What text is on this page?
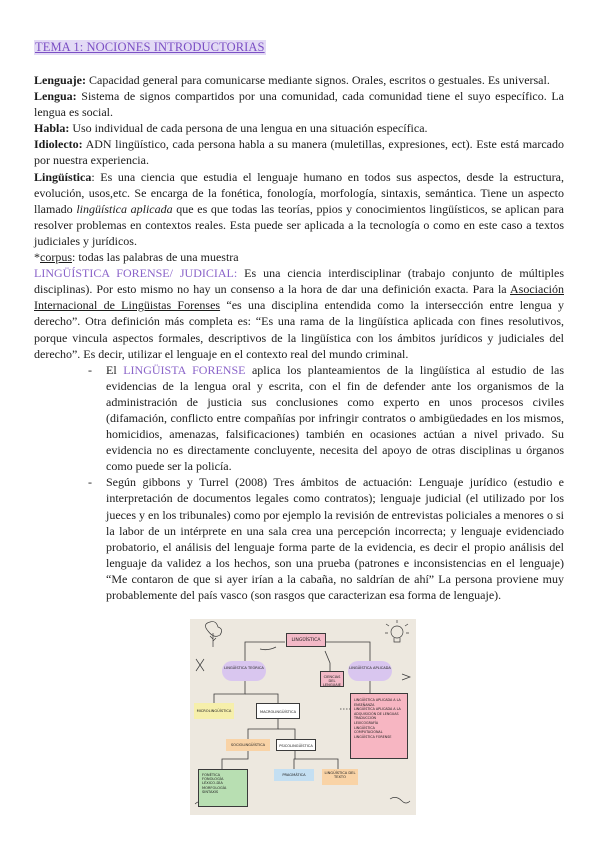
TEMA 1: NOCIONES INTRODUCTORIAS

Lenguaje: Capacidad general para comunicarse mediante signos. Orales, escritos o gestuales. Es universal.

Lengua: Sistema de signos compartidos por una comunidad, cada comunidad tiene el suyo específico. La lengua es social.

Habla: Uso individual de cada persona de una lengua en una situación específica.

Idiolecto: ADN lingüístico, cada persona habla a su manera (muletillas, expresiones, ect). Este está marcado por nuestra experiencia.

Lingüística: Es una ciencia que estudia el lenguaje humano en todos sus aspectos, desde la estructura, evolución, usos,etc. Se encarga de la fonética, fonología, morfología, sintaxis, semántica. Tiene un aspecto llamado lingüística aplicada que es que todas las teorías, ppios y conocimientos lingüísticos, se aplican para resolver problemas en contextos reales. Esta puede ser aplicada a la tecnología o como en este caso a textos judiciales y jurídicos.

*corpus: todas las palabras de una muestra

LINGÜÍSTICA FORENSE/ JUDICIAL: Es una ciencia interdisciplinar (trabajo conjunto de múltiples disciplinas). Por esto mismo no hay un consenso a la hora de dar una definición exacta. Para la Asociación Internacional de Lingüistas Forenses “es una disciplina entendida como la intersección entre lengua y derecho”. Otra definición más completa es: “Es una rama de la lingüística aplicada con fines resolutivos, porque vincula aspectos formales, descriptivos de la lingüística con los ámbitos jurídicos y judiciales del derecho”. Es decir, utilizar el lenguaje en el contexto real del mundo criminal.

- El LINGÜISTA FORENSE aplica los planteamientos de la lingüística al estudio de las evidencias de la lengua oral y escrita, con el fin de defender ante los organismos de la administración de justicia sus conclusiones como experto en unos procesos civiles (difamación, conflicto entre compañías por infringir contratos o ambigüedades en los mismos, homicidios, amenazas, falsificaciones) también en ocasiones actúan a nivel privado. Su evidencia no es directamente concluyente, necesita del apoyo de otras disciplinas u órganos como puede ser la policía.
- Según gibbons y Turrel (2008) Tres ámbitos de actuación: Lenguaje jurídico (estudio e interpretación de documentos legales como contratos); lenguaje judicial (el utilizado por los jueces y en los tribunales) como por ejemplo la revisión de entrevistas policiales a menores o si la labor de un intérprete en una sala crea una percepción incorrecta; y lenguaje evidenciado probatorio, el análisis del lenguaje forma parte de la evidencia, es decir el propio análisis del lenguaje da validez a los hechos, son una prueba (patrones e inconsistencias en el lenguaje) “Me contaron de que si ayer irían a la cabaña, no saldrían de ahí” La persona proviene muy probablemente del país vasco (son rasgos que caracterizan esa forma de lenguaje).
LINGÜÍSTICA
LINGÜÍSTICA TEÓRICA	LINGÜÍSTICA APLICADA
CIENCIAS DEL LENGUAJE
MICROLINGÜÍSTICA	MACROLINGÜÍSTICA
SOCIOLINGÜÍSTICA	PSICOLINGÜÍSTICA
FONÉTICA
FONOLOGÍA
LÉXICO-DÍA
MORFOLOGÍA
SINTAXIS
PRAGMÁTICA	LINGÜÍSTICA DEL TEXTO
LINGÜÍSTICA APLICADA A LA ENSEÑANZA
LINGÜÍSTICA APLICADA A LA ADQUISICIÓN DE LENGUAS
TRADUCCIÓN
LEXICOGRAFÍA
LINGÜÍSTICA COMPUTACIONAL
LINGÜÍSTICA FORENSE
